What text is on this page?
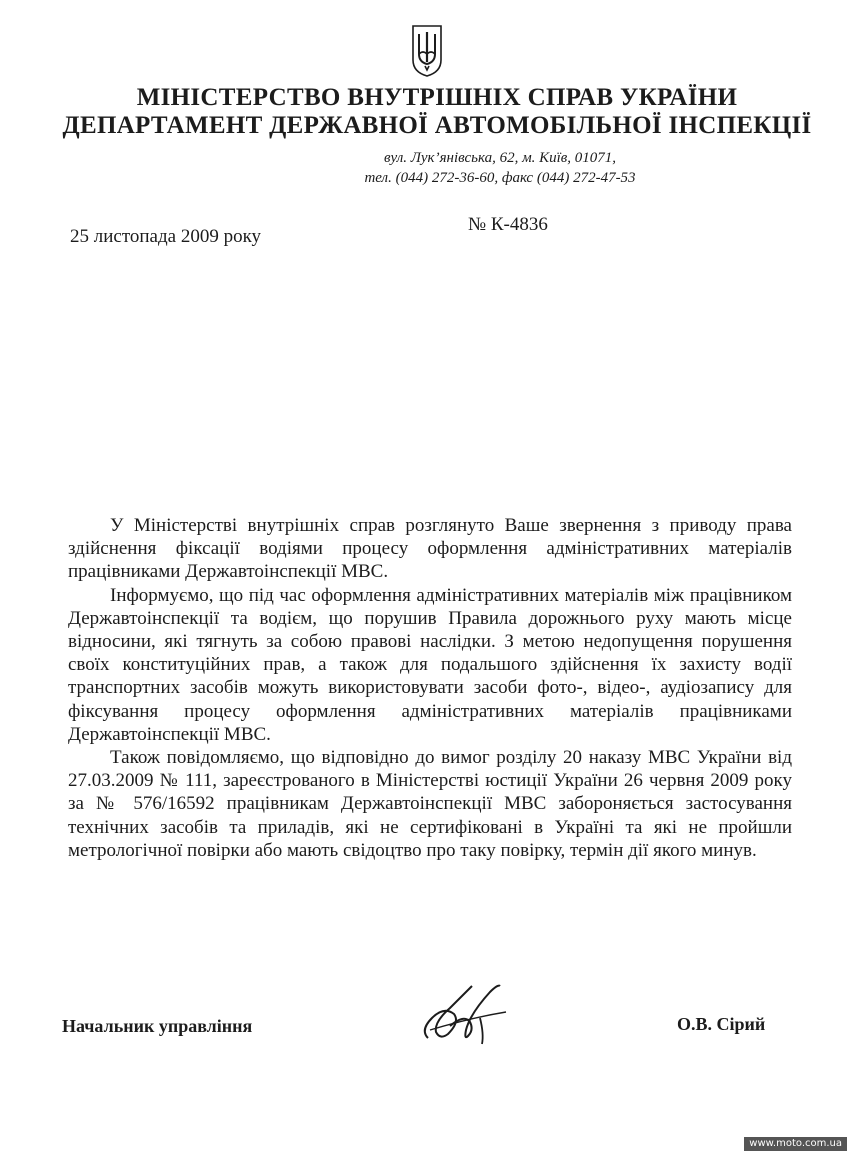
МІНІСТЕРСТВО ВНУТРІШНІХ СПРАВ УКРАЇНИ
ДЕПАРТАМЕНТ ДЕРЖАВНОЇ АВТОМОБІЛЬНОЇ ІНСПЕКЦІЇ
вул. Лук’янівська, 62, м. Київ, 01071,
тел. (044) 272-36-60, факс (044) 272-47-53
25 листопада 2009 року
№ К-4836

У Міністерстві внутрішніх справ розглянуто Ваше звернення з приводу права здійснення фіксації водіями процесу оформлення адміністративних матеріалів працівниками Державтоінспекції МВС.

Інформуємо, що під час оформлення адміністративних матеріалів між працівником Державтоінспекції та водієм, що порушив Правила дорожнього руху мають місце відносини, які тягнуть за собою правові наслідки. З метою недопущення порушення своїх конституційних прав, а також для подальшого здійснення їх захисту водії транспортних засобів можуть використовувати засоби фото-, відео-, аудіозапису для фіксування процесу оформлення адміністративних матеріалів працівниками Державтоінспекції МВС.

Також повідомляємо, що відповідно до вимог розділу 20 наказу МВС України від 27.03.2009 № 111, зареєстрованого в Міністерстві юстиції України 26 червня 2009 року за № 576/16592 працівникам Державтоінспекції МВС забороняється застосування технічних засобів та приладів, які не сертифіковані в Україні та які не пройшли метрологічної повірки або мають свідоцтво про таку повірку, термін дії якого минув.

Начальник управління	О.В. Сірий
www.moto.com.ua
